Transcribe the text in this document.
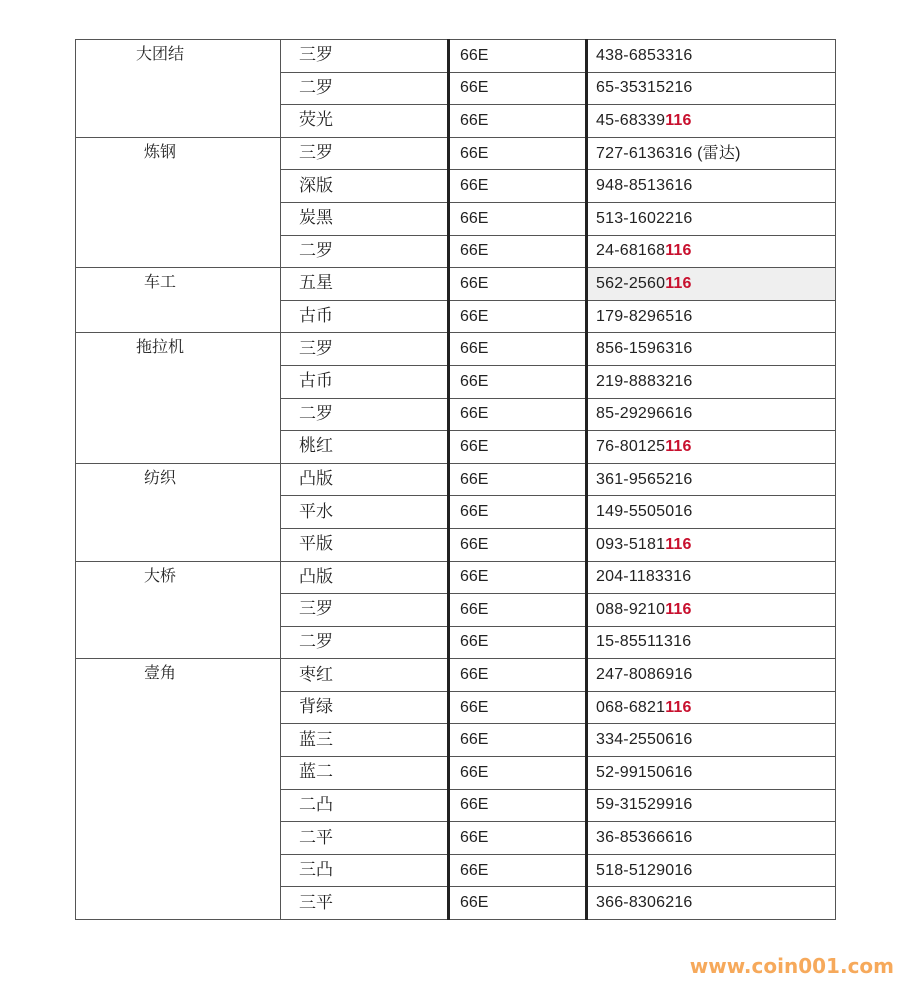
大团结	三罗	66E	438-6853316
	二罗	66E	65-35315216
	荧光	66E	45-68339116
炼钢	三罗	66E	727-6136316 (雷达)
	深版	66E	948-8513616
	炭黑	66E	513-1602216
	二罗	66E	24-68168116
车工	五星	66E	562-2560116
	古币	66E	179-8296516
拖拉机	三罗	66E	856-1596316
	古币	66E	219-8883216
	二罗	66E	85-29296616
	桃红	66E	76-80125116
纺织	凸版	66E	361-9565216
	平水	66E	149-5505016
	平版	66E	093-5181116
大桥	凸版	66E	204-1183316
	三罗	66E	088-9210116
	二罗	66E	15-85511316
壹角	枣红	66E	247-8086916
	背绿	66E	068-6821116
	蓝三	66E	334-2550616
	蓝二	66E	52-99150616
	二凸	66E	59-31529916
	二平	66E	36-85366616
	三凸	66E	518-5129016
	三平	66E	366-8306216
www.coin001.com
